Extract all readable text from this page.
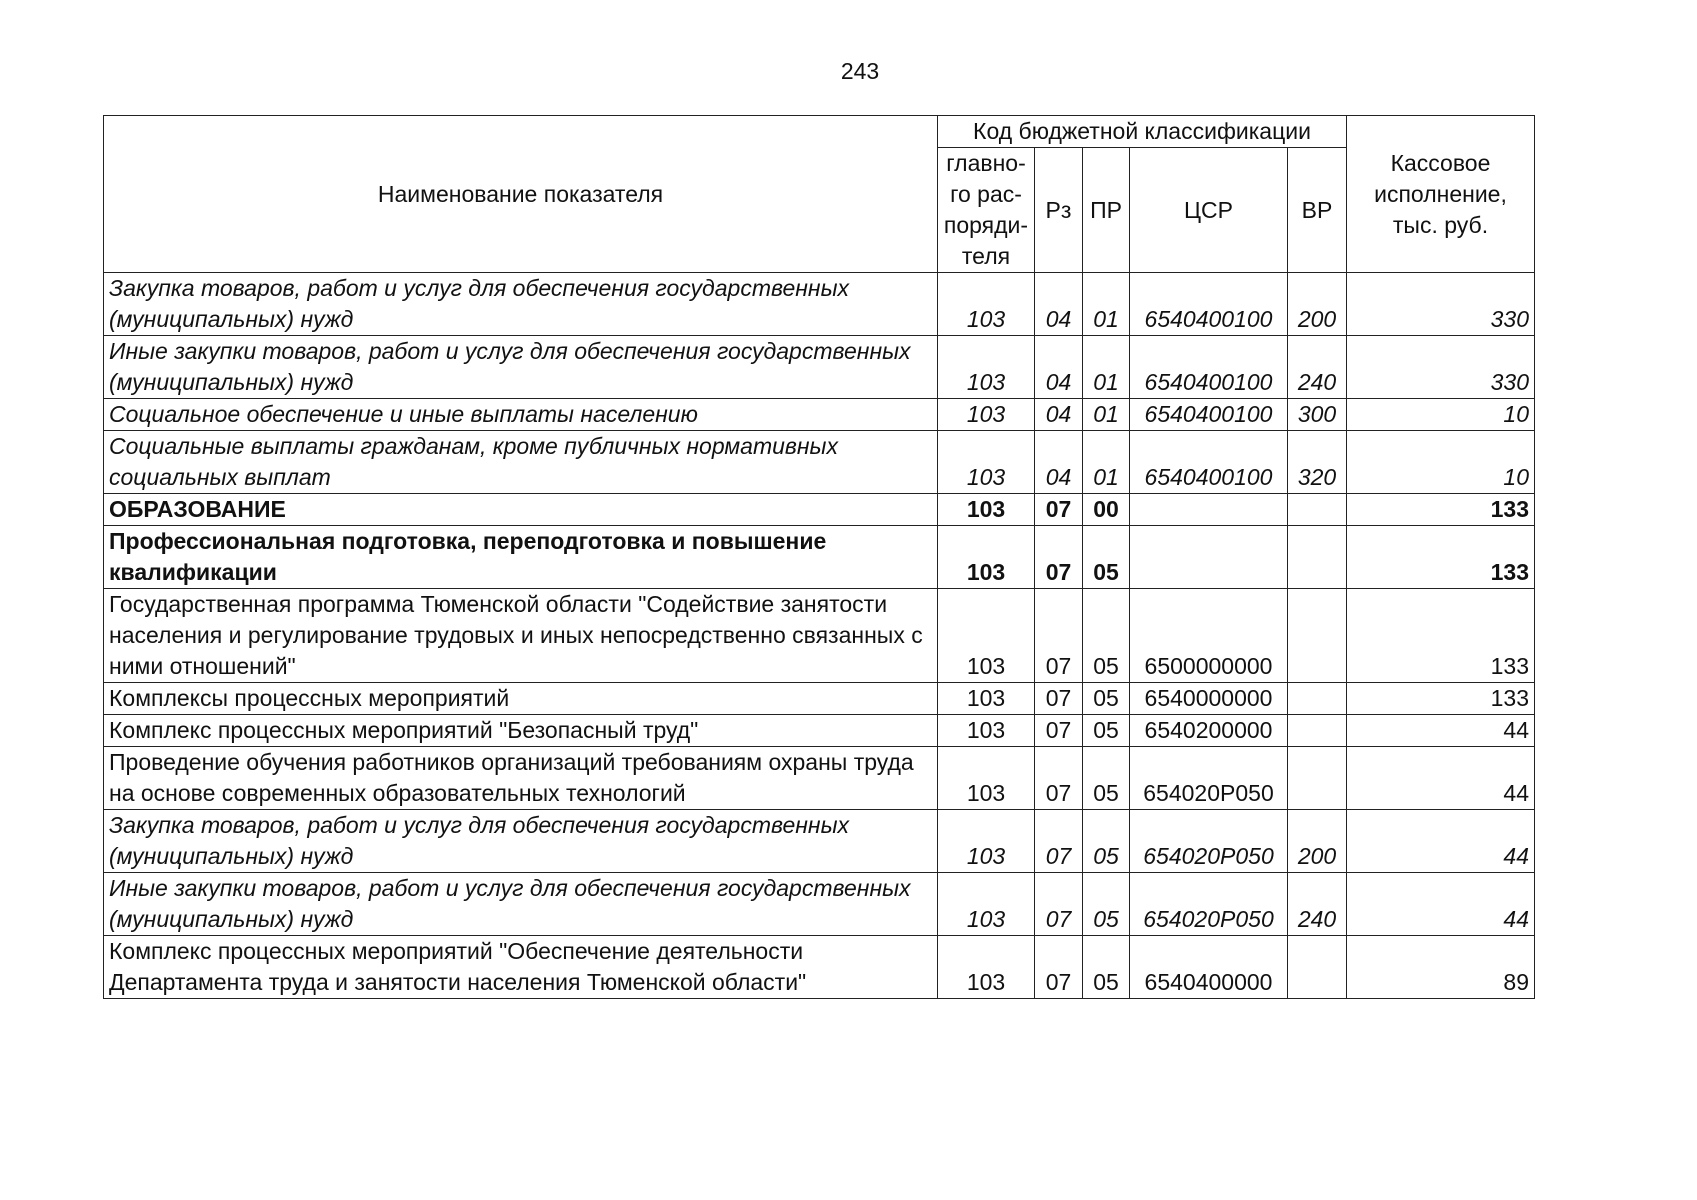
243
Наименование показателя	Код бюджетной классификации					Кассовое исполнение, тыс. руб.
	главно-го рас-поряди-теля	Рз	ПР	ЦСР	ВР	
Закупка товаров, работ и услуг для обеспечения государственных (муниципальных) нужд	103	04	01	6540400100	200	330
Иные закупки товаров, работ и услуг для обеспечения государственных (муниципальных) нужд	103	04	01	6540400100	240	330
Социальное обеспечение и иные выплаты населению	103	04	01	6540400100	300	10
Социальные выплаты гражданам, кроме публичных нормативных социальных выплат	103	04	01	6540400100	320	10
ОБРАЗОВАНИЕ	103	07	00			133
Профессиональная подготовка, переподготовка и повышение квалификации	103	07	05			133
Государственная программа Тюменской области "Содействие занятости населения и регулирование трудовых и иных непосредственно связанных с ними отношений"	103	07	05	6500000000		133
Комплексы процессных мероприятий	103	07	05	6540000000		133
Комплекс процессных мероприятий "Безопасный труд"	103	07	05	6540200000		44
Проведение обучения работников организаций требованиям охраны труда на основе современных образовательных технологий	103	07	05	654020Р050		44
Закупка товаров, работ и услуг для обеспечения государственных (муниципальных) нужд	103	07	05	654020Р050	200	44
Иные закупки товаров, работ и услуг для обеспечения государственных (муниципальных) нужд	103	07	05	654020Р050	240	44
Комплекс процессных мероприятий "Обеспечение деятельности Департамента труда и занятости населения Тюменской области"	103	07	05	6540400000		89
